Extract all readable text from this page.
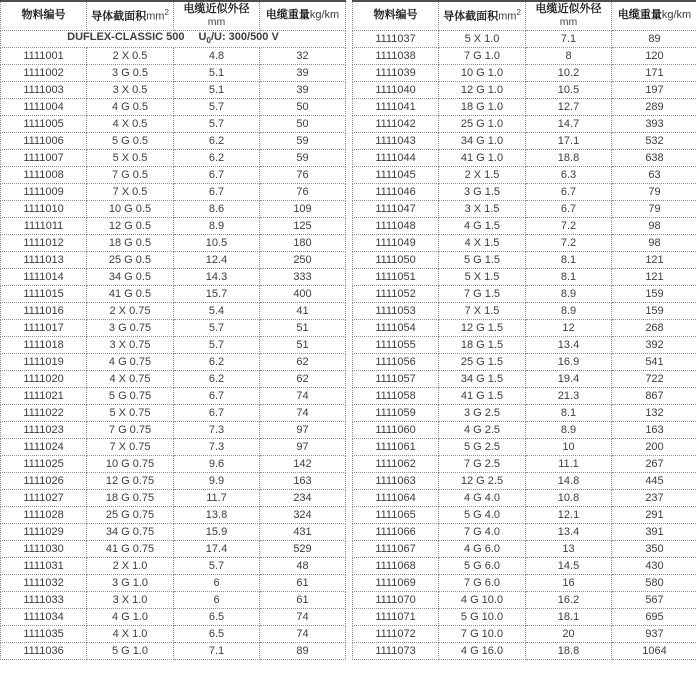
物料编号	导体截面积$mm^2$	电缆近似外径
mm	电缆重量kg/km
DUFLEX-CLASSIC 500 $U_0/U$: 300/500 V			
1111001	2 X 0.5	4.8	32
1111002	3 G 0.5	5.1	39
1111003	3 X 0.5	5.1	39
1111004	4 G 0.5	5.7	50
1111005	4 X 0.5	5.7	50
1111006	5 G 0.5	6.2	59
1111007	5 X 0.5	6.2	59
1111008	7 G 0.5	6.7	76
1111009	7 X 0.5	6.7	76
1111010	10 G 0.5	8.6	109
1111011	12 G 0.5	8.9	125
1111012	18 G 0.5	10.5	180
1111013	25 G 0.5	12.4	250
1111014	34 G 0.5	14.3	333
1111015	41 G 0.5	15.7	400
1111016	2 X 0.75	5.4	41
1111017	3 G 0.75	5.7	51
1111018	3 X 0.75	5.7	51
1111019	4 G 0.75	6.2	62
1111020	4 X 0.75	6.2	62
1111021	5 G 0.75	6.7	74
1111022	5 X 0.75	6.7	74
1111023	7 G 0.75	7.3	97
1111024	7 X 0.75	7.3	97
1111025	10 G 0.75	9.6	142
1111026	12 G 0.75	9.9	163
1111027	18 G 0.75	11.7	234
1111028	25 G 0.75	13.8	324
1111029	34 G 0.75	15.9	431
1111030	41 G 0.75	17.4	529
1111031	2 X 1.0	5.7	48
1111032	3 G 1.0	6	61
1111033	3 X 1.0	6	61
1111034	4 G 1.0	6.5	74
1111035	4 X 1.0	6.5	74
1111036	5 G 1.0	7.1	89
物料编号	导体截面积$mm^2$	电缆近似外径
mm	电缆重量kg/km
1111037	5 X 1.0	7.1	89
1111038	7 G 1.0	8	120
1111039	10 G 1.0	10.2	171
1111040	12 G 1.0	10.5	197
1111041	18 G 1.0	12.7	289
1111042	25 G 1.0	14.7	393
1111043	34 G 1.0	17.1	532
1111044	41 G 1.0	18.8	638
1111045	2 X 1.5	6.3	63
1111046	3 G 1.5	6.7	79
1111047	3 X 1.5	6.7	79
1111048	4 G 1.5	7.2	98
1111049	4 X 1.5	7.2	98
1111050	5 G 1.5	8.1	121
1111051	5 X 1.5	8.1	121
1111052	7 G 1.5	8.9	159
1111053	7 X 1.5	8.9	159
1111054	12 G 1.5	12	268
1111055	18 G 1.5	13.4	392
1111056	25 G 1.5	16.9	541
1111057	34 G 1.5	19.4	722
1111058	41 G 1.5	21.3	867
1111059	3 G 2.5	8.1	132
1111060	4 G 2.5	8.9	163
1111061	5 G 2.5	10	200
1111062	7 G 2.5	11.1	267
1111063	12 G 2.5	14.8	445
1111064	4 G 4.0	10.8	237
1111065	5 G 4.0	12.1	291
1111066	7 G 4.0	13.4	391
1111067	4 G 6.0	13	350
1111068	5 G 6.0	14.5	430
1111069	7 G 6.0	16	580
1111070	4 G 10.0	16.2	567
1111071	5 G 10.0	18.1	695
1111072	7 G 10.0	20	937
1111073	4 G 16.0	18.8	1064
